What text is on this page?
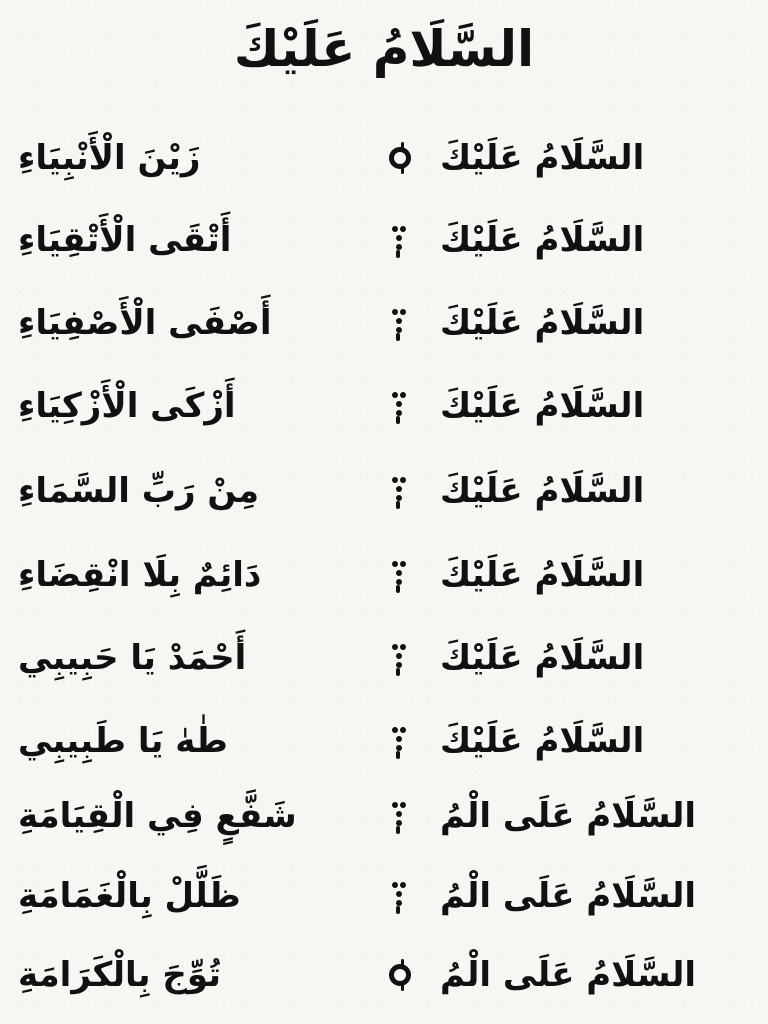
السَّلَامُ عَلَيْكَ
السَّلَامُ عَلَيْكَ
زَيْنَ الْأَنْبِيَاءِ
السَّلَامُ عَلَيْكَ
أَتْقَى الْأَتْقِيَاءِ
السَّلَامُ عَلَيْكَ
أَصْفَى الْأَصْفِيَاءِ
السَّلَامُ عَلَيْكَ
أَزْكَى الْأَزْكِيَاءِ
السَّلَامُ عَلَيْكَ
مِنْ رَبِّ السَّمَاءِ
السَّلَامُ عَلَيْكَ
دَائِمٌ بِلَا انْقِضَاءِ
السَّلَامُ عَلَيْكَ
أَحْمَدْ يَا حَبِيبِي
السَّلَامُ عَلَيْكَ
طٰهٰ يَا طَبِيبِي
السَّلَامُ عَلَى الْمُ
شَفَّعٍ فِي الْقِيَامَةِ
السَّلَامُ عَلَى الْمُ
ظَلَّلْ بِالْغَمَامَةِ
السَّلَامُ عَلَى الْمُ
تُوِّجَ بِالْكَرَامَةِ
